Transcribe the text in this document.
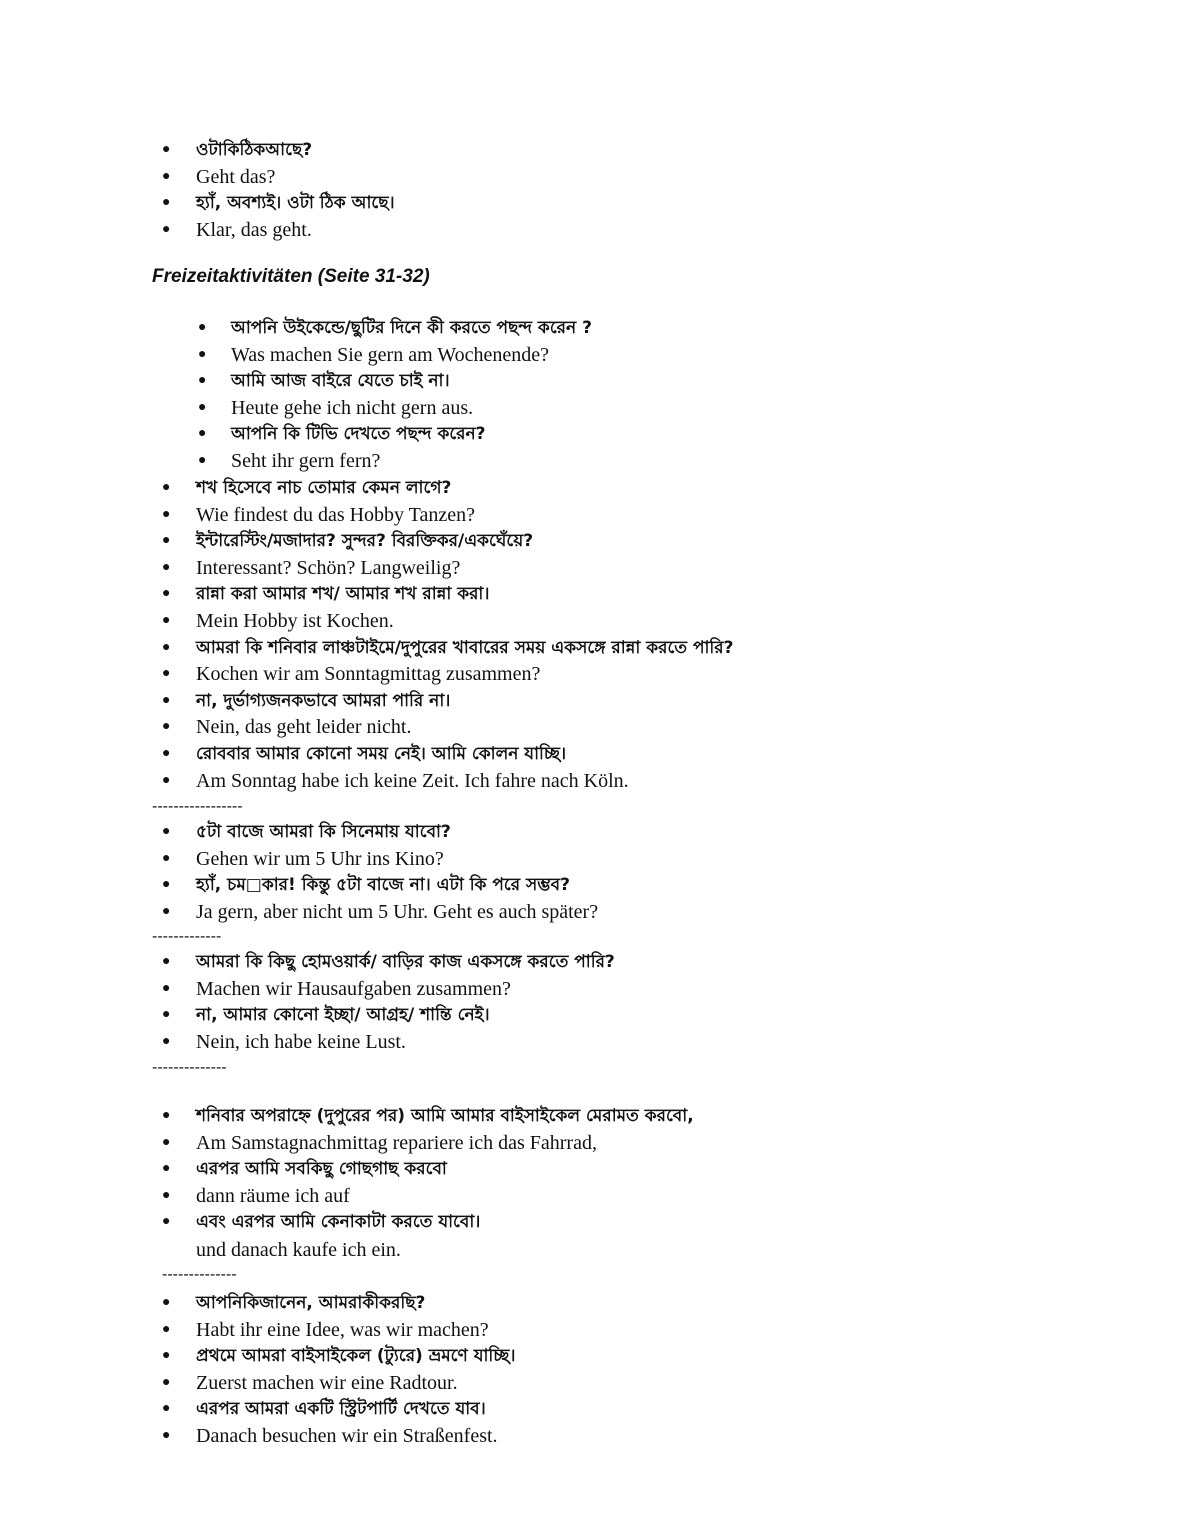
Freizeitaktivitäten (Seite 31-32)
-----------------
-------------
--------------
und danach kaufe ich ein.
--------------
● ওটাকিঠিকআছে?
● Geht das?
● হ্যাঁ, অবশ্যই। ওটা ঠিক আছে।
● Klar, das geht.
● আপনি উইকেন্ডে/ছুটির দিনে কী করতে পছন্দ করেন ?
● Was machen Sie gern am Wochenende?
● আমি আজ বাইরে যেতে চাই না।
● Heute gehe ich nicht gern aus.
● আপনি কি টিভি দেখতে পছন্দ করেন?
● Seht ihr gern fern?
● শখ হিসেবে নাচ তোমার কেমন লাগে?
● Wie findest du das Hobby Tanzen?
● ইন্টারেস্টিং/মজাদার? সুন্দর? বিরক্তিকর/একঘেঁয়ে?
● Interessant? Schön? Langweilig?
● রান্না করা আমার শখ/ আমার শখ রান্না করা।
● Mein Hobby ist Kochen.
● আমরা কি শনিবার লাঞ্চটাইমে/দুপুরের খাবারের সময় একসঙ্গে রান্না করতে পারি?
● Kochen wir am Sonntagmittag zusammen?
● না, দুর্ভাগ্যজনকভাবে আমরা পারি না।
● Nein, das geht leider nicht.
● রোববার আমার কোনো সময় নেই। আমি কোলন যাচ্ছি।
● Am Sonntag habe ich keine Zeit. Ich fahre nach Köln.
● ৫টা বাজে আমরা কি সিনেমায় যাবো?
● Gehen wir um 5 Uhr ins Kino?
● হ্যাঁ, চম□কার! কিন্তু ৫টা বাজে না। এটা কি পরে সম্ভব?
● Ja gern, aber nicht um 5 Uhr. Geht es auch später?
● আমরা কি কিছু হোমওয়ার্ক/ বাড়ির কাজ একসঙ্গে করতে পারি?
● Machen wir Hausaufgaben zusammen?
● না, আমার কোনো ইচ্ছা/ আগ্রহ/ শান্তি নেই।
● Nein, ich habe keine Lust.
● শনিবার অপরাহ্নে (দুপুরের পর) আমি আমার বাইসাইকেল মেরামত করবো,
● Am Samstagnachmittag repariere ich das Fahrrad,
● এরপর আমি সবকিছু গোছগাছ করবো
● dann räume ich auf
● এবং এরপর আমি কেনাকাটা করতে যাবো।
● আপনিকিজানেন, আমরাকীকরছি?
● Habt ihr eine Idee, was wir machen?
● প্রথমে আমরা বাইসাইকেল (ট্যুরে) ভ্রমণে যাচ্ছি।
● Zuerst machen wir eine Radtour.
● এরপর আমরা একটি স্ট্রিটপার্টি দেখতে যাব।
● Danach besuchen wir ein Straßenfest.
